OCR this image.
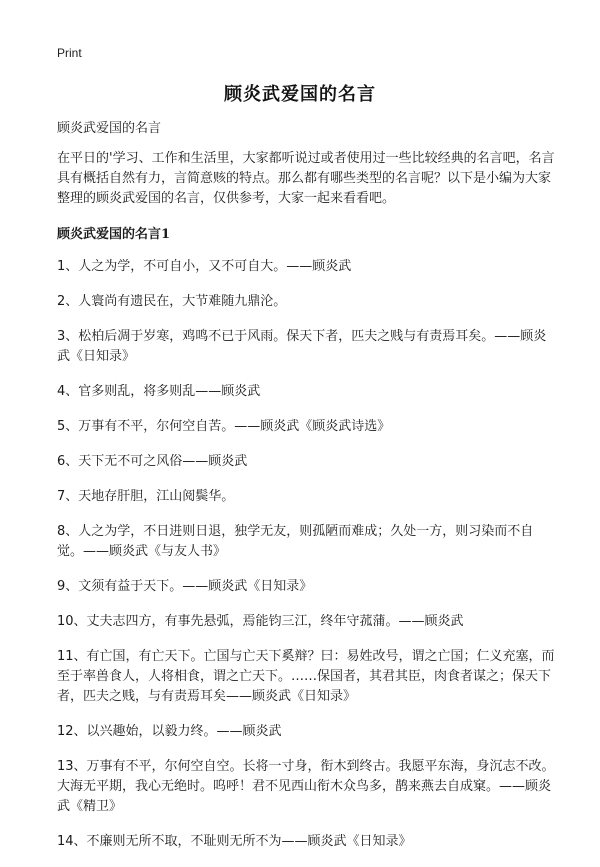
Print
顾炎武爱国的名言

顾炎武爱国的名言

在平日的'学习、工作和生活里，大家都听说过或者使用过一些比较经典的名言吧，名言具有概括自然有力，言简意赅的特点。那么都有哪些类型的名言呢？以下是小编为大家整理的顾炎武爱国的名言，仅供参考，大家一起来看看吧。

顾炎武爱国的名言1

1、人之为学，不可自小，又不可自大。——顾炎武

2、人寰尚有遗民在，大节难随九鼎沦。

3、松柏后凋于岁寒，鸡鸣不已于风雨。保天下者，匹夫之贱与有责焉耳矣。——顾炎武《日知录》

4、官多则乱，将多则乱——顾炎武

5、万事有不平，尔何空自苦。——顾炎武《顾炎武诗选》

6、天下无不可之风俗——顾炎武

7、天地存肝胆，江山阅鬓华。

8、人之为学，不日进则日退，独学无友，则孤陋而难成；久处一方，则习染而不自觉。——顾炎武《与友人书》

9、文须有益于天下。——顾炎武《日知录》

10、丈夫志四方，有事先悬弧，焉能钧三江，终年守菰蒲。——顾炎武

11、有亡国，有亡天下。亡国与亡天下奚辩？曰：易姓改号，谓之亡国；仁义充塞，而至于率兽食人，人将相食，谓之亡天下。……保国者，其君其臣，肉食者谋之；保天下者，匹夫之贱，与有责焉耳矣——顾炎武《日知录》

12、以兴趣始，以毅力终。——顾炎武

13、万事有不平，尔何空自空。长将一寸身，衔木到终古。我愿平东海，身沉志不改。大海无平期，我心无绝时。呜呼！君不见西山衔木众鸟多，鹊来燕去自成窠。——顾炎武《精卫》

14、不廉则无所不取，不耻则无所不为——顾炎武《日知录》
